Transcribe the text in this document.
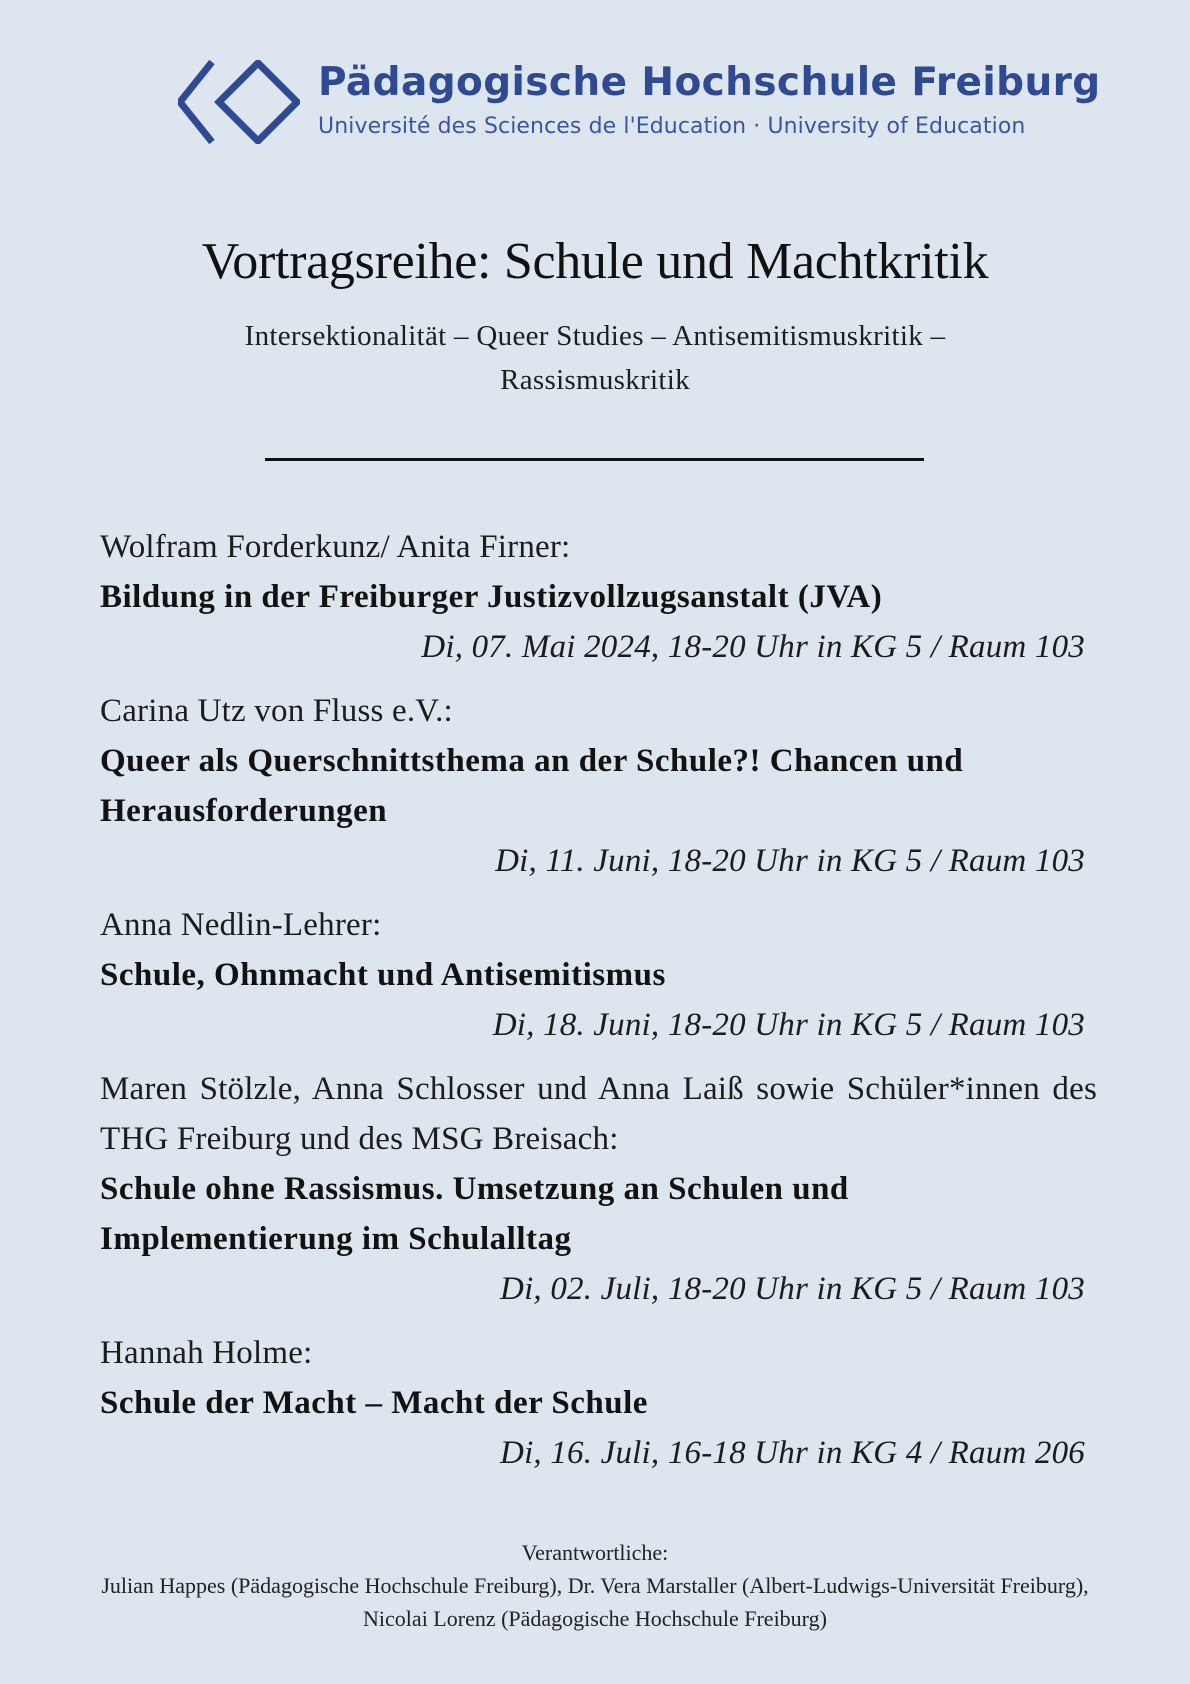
Pädagogische Hochschule Freiburg
Université des Sciences de l'Education · University of Education
Vortragsreihe: Schule und Machtkritik
Intersektionalität – Queer Studies – Antisemitismuskritik – Rassismuskritik
Wolfram Forderkunz/ Anita Firner:
Bildung in der Freiburger Justizvollzugsanstalt (JVA)
Di, 07. Mai 2024, 18-20 Uhr in KG 5 / Raum 103
Carina Utz von Fluss e.V.:
Queer als Querschnittsthema an der Schule?! Chancen und Herausforderungen
Di, 11. Juni, 18-20 Uhr in KG 5 / Raum 103
Anna Nedlin-Lehrer:
Schule, Ohnmacht und Antisemitismus
Di, 18. Juni, 18-20 Uhr in KG 5 / Raum 103
Maren Stölzle, Anna Schlosser und Anna Laiß sowie Schüler*innen des THG Freiburg und des MSG Breisach:
Schule ohne Rassismus. Umsetzung an Schulen und Implementierung im Schulalltag
Di, 02. Juli, 18-20 Uhr in KG 5 / Raum 103
Hannah Holme:
Schule der Macht – Macht der Schule
Di, 16. Juli, 16-18 Uhr in KG 4 / Raum 206
Verantwortliche:
Julian Happes (Pädagogische Hochschule Freiburg), Dr. Vera Marstaller (Albert-Ludwigs-Universität Freiburg),
Nicolai Lorenz (Pädagogische Hochschule Freiburg)
